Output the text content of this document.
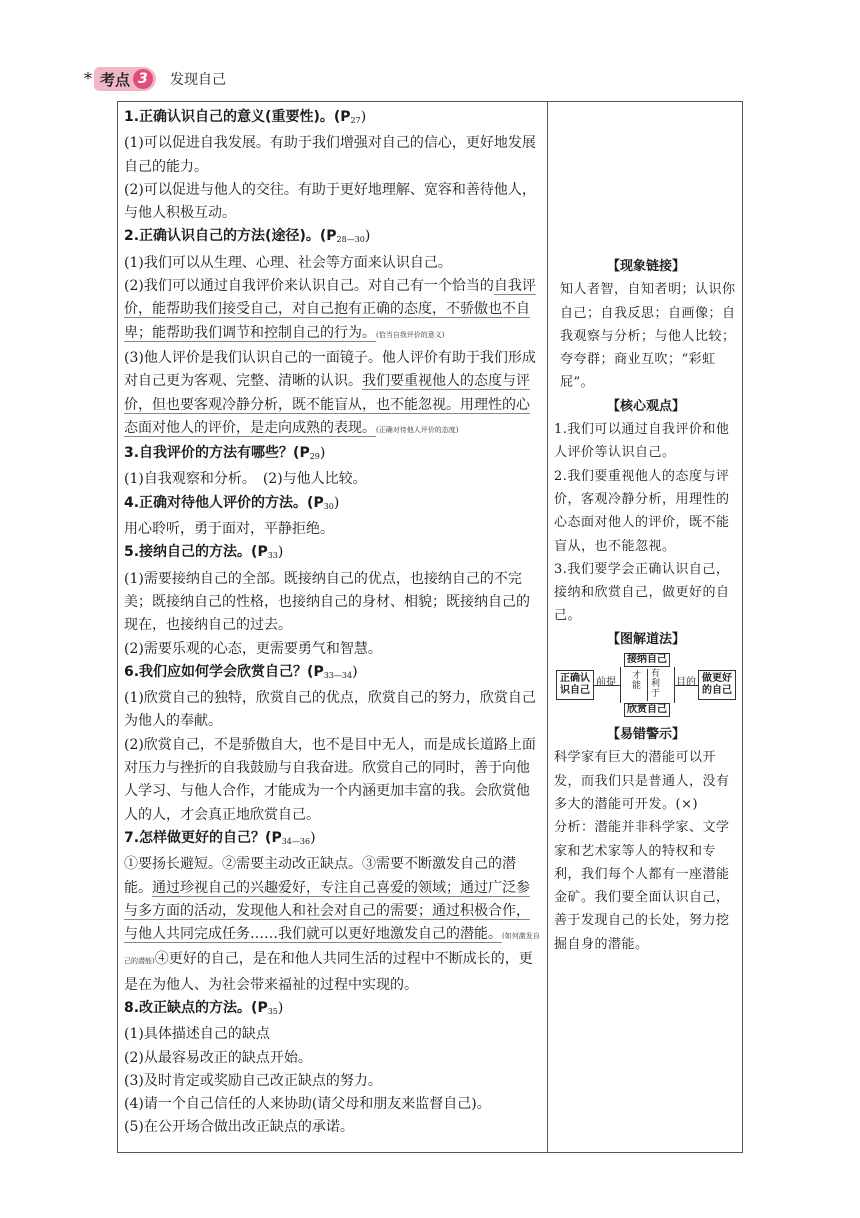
* 考点 3	发现自己

1.正确认识自己的意义(重要性)。$(P_{27})$

(1)可以促进自我发展。有助于我们增强对自己的信心，更好地发展自己的能力。

(2)可以促进与他人的交往。有助于更好地理解、宽容和善待他人，与他人积极互动。

2.正确认识自己的方法(途径)。$(P_{28—30})$

(1)我们可以从生理、心理、社会等方面来认识自己。

(2)我们可以通过自我评价来认识自己。对自己有一个恰当的自我评价，能帮助我们接受自己，对自己抱有正确的态度，不骄傲也不自卑；能帮助我们调节和控制自己的行为。(恰当自我评价的意义)

(3)他人评价是我们认识自己的一面镜子。他人评价有助于我们形成对自己更为客观、完整、清晰的认识。我们要重视他人的态度与评价，但也要客观冷静分析，既不能盲从，也不能忽视。用理性的心态面对他人的评价，是走向成熟的表现。(正确对待他人评价的态度)

3.自我评价的方法有哪些？$(P_{29})$

(1)自我观察和分析。　(2)与他人比较。

4.正确对待他人评价的方法。$(P_{30})$

用心聆听，勇于面对，平静拒绝。

5.接纳自己的方法。$(P_{33})$

(1)需要接纳自己的全部。既接纳自己的优点，也接纳自己的不完美；既接纳自己的性格，也接纳自己的身材、相貌；既接纳自己的现在，也接纳自己的过去。

(2)需要乐观的心态，更需要勇气和智慧。

6.我们应如何学会欣赏自己？$(P_{33—34})$

(1)欣赏自己的独特，欣赏自己的优点，欣赏自己的努力，欣赏自己为他人的奉献。

(2)欣赏自己，不是骄傲自大，也不是目中无人，而是成长道路上面对压力与挫折的自我鼓励与自我奋进。欣赏自己的同时，善于向他人学习、与他人合作，才能成为一个内涵更加丰富的我。会欣赏他人的人，才会真正地欣赏自己。

7.怎样做更好的自己？$(P_{34—36})$

①要扬长避短。②需要主动改正缺点。③需要不断激发自己的潜能。通过珍视自己的兴趣爱好，专注自己喜爱的领域；通过广泛参与多方面的活动，发现他人和社会对自己的需要；通过积极合作，与他人共同完成任务……我们就可以更好地激发自己的潜能。(如何激发自己的潜能)④更好的自己，是在和他人共同生活的过程中不断成长的，更是在为他人、为社会带来福祉的过程中实现的。

8.改正缺点的方法。$(P_{35})$

(1)具体描述自己的缺点

(2)从最容易改正的缺点开始。

(3)及时肯定或奖励自己改正缺点的努力。

(4)请一个自己信任的人来协助(请父母和朋友来监督自己)。

(5)在公开场合做出改正缺点的承诺。

【现象链接】
知人者智，自知者明；认识你自己；自我反思；自画像；自我观察与分析；与他人比较；夸夸群；商业互吹；“彩虹屁”。
【核心观点】
1.我们可以通过自我评价和他人评价等认识自己。
2.我们要重视他人的态度与评价，客观冷静分析，用理性的心态面对他人的评价，既不能盲从，也不能忽视。
3.我们要学会正确认识自己，接纳和欣赏自己，做更好的自己。
【图解道法】
正确认识自己
前提
接纳自己
欣赏自己
才能
有利于
目的 做更好的自己
【易错警示】
科学家有巨大的潜能可以开发，而我们只是普通人，没有多大的潜能可开发。(×)
分析：潜能并非科学家、文学家和艺术家等人的特权和专利，我们每个人都有一座潜能金矿。我们要全面认识自己，善于发现自己的长处，努力挖掘自身的潜能。
